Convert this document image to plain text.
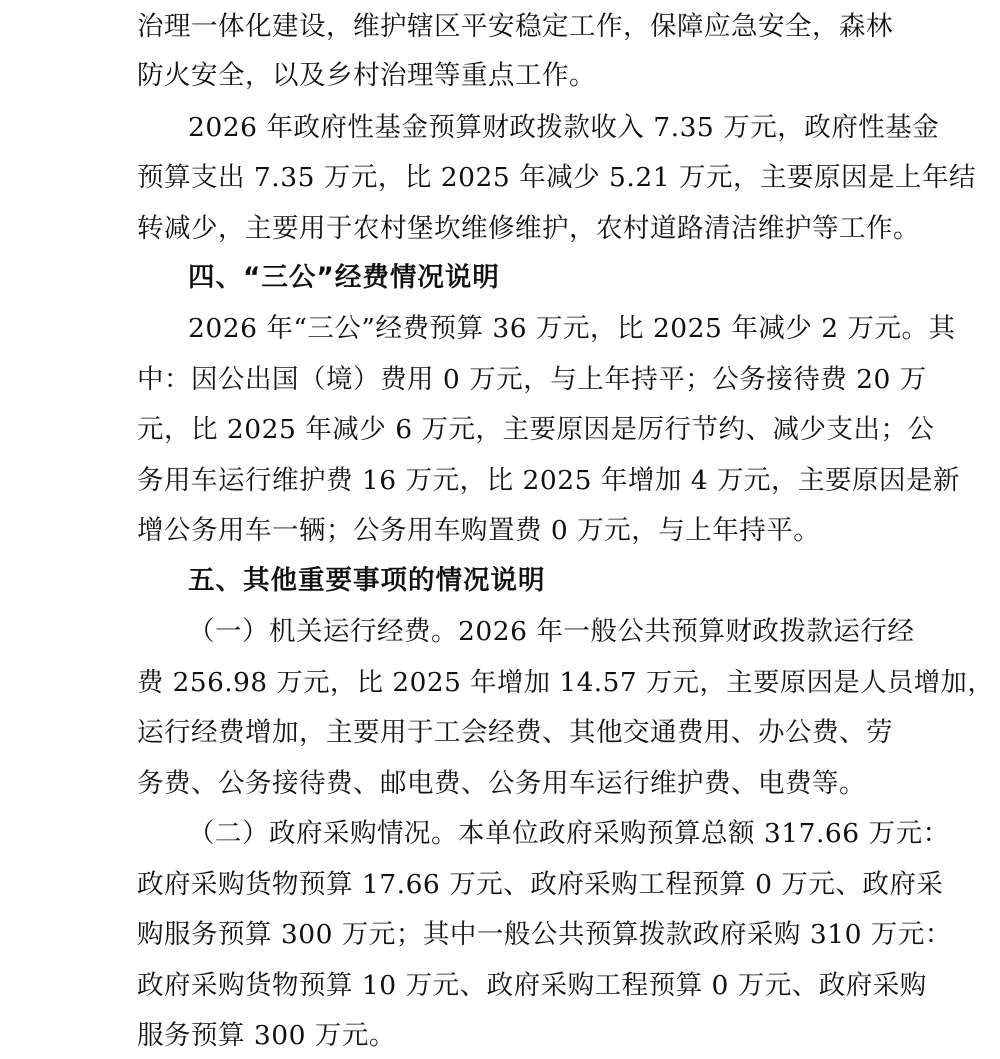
治理一体化建设，维护辖区平安稳定工作，保障应急安全，森林
防火安全，以及乡村治理等重点工作。
2026 年政府性基金预算财政拨款收入 7.35 万元，政府性基金
预算支出 7.35 万元，比 2025 年减少 5.21 万元，主要原因是上年结
转减少，主要用于农村堡坎维修维护，农村道路清洁维护等工作。
四、“三公”经费情况说明
2026 年“三公”经费预算 36 万元，比 2025 年减少 2 万元。其
中：因公出国（境）费用 0 万元，与上年持平；公务接待费 20 万
元，比 2025 年减少 6 万元，主要原因是厉行节约、减少支出；公
务用车运行维护费 16 万元，比 2025 年增加 4 万元，主要原因是新
增公务用车一辆；公务用车购置费 0 万元，与上年持平。
五、其他重要事项的情况说明
（一）机关运行经费。2026 年一般公共预算财政拨款运行经
费 256.98 万元，比 2025 年增加 14.57 万元，主要原因是人员增加，
运行经费增加，主要用于工会经费、其他交通费用、办公费、劳
务费、公务接待费、邮电费、公务用车运行维护费、电费等。
（二）政府采购情况。本单位政府采购预算总额 317.66 万元：
政府采购货物预算 17.66 万元、政府采购工程预算 0 万元、政府采
购服务预算 300 万元；其中一般公共预算拨款政府采购 310 万元：
政府采购货物预算 10 万元、政府采购工程预算 0 万元、政府采购
服务预算 300 万元。
